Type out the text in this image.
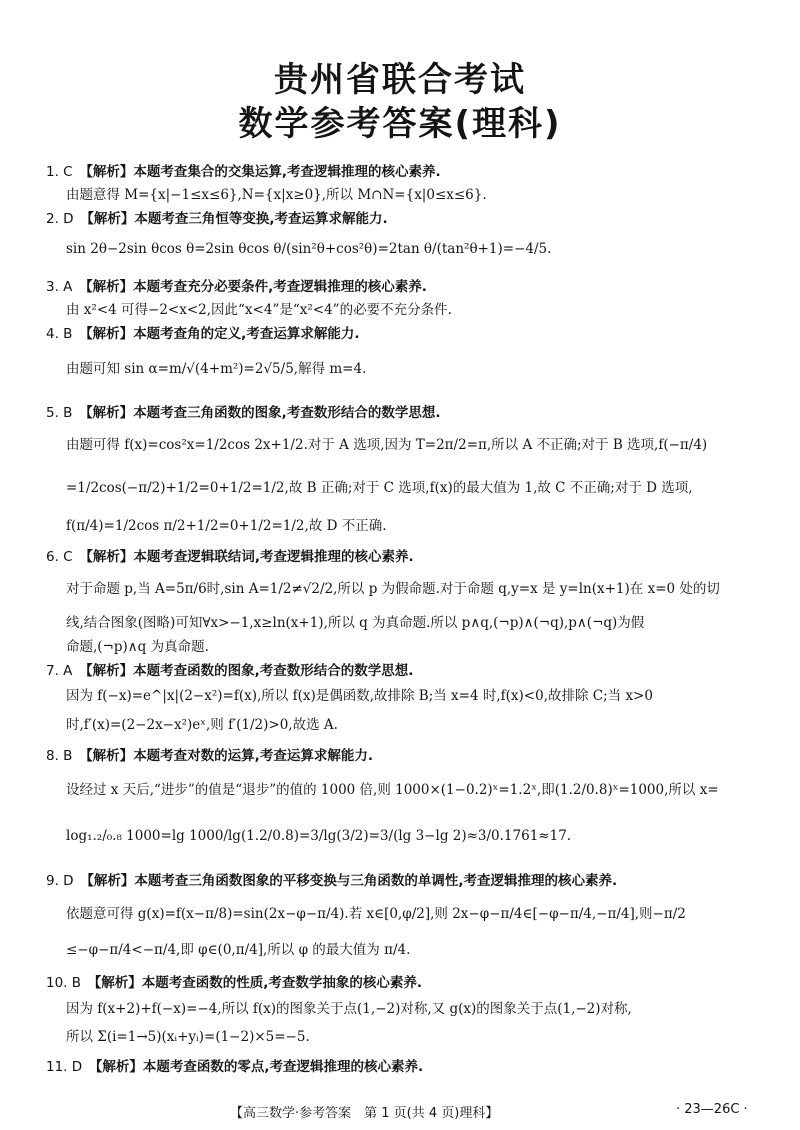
贵州省联合考试
数学参考答案(理科)
1. C　【解析】本题考查集合的交集运算,考查逻辑推理的核心素养.
由题意得 M={x|−1≤x≤6},N={x|x≥0},所以 M∩N={x|0≤x≤6}.
2. D　【解析】本题考查三角恒等变换,考查运算求解能力.
sin 2θ−2sin θcos θ=2sin θcos θ/(sin²θ+cos²θ)=2tan θ/(tan²θ+1)=−4/5.
3. A　【解析】本题考查充分必要条件,考查逻辑推理的核心素养.
由 x²<4 可得−2<x<2,因此“x<4”是“x²<4”的必要不充分条件.
4. B　【解析】本题考查角的定义,考查运算求解能力.
由题可知 sin α=m/√(4+m²)=2√5/5,解得 m=4.
5. B　【解析】本题考查三角函数的图象,考查数形结合的数学思想.
由题可得 f(x)=cos²x=1/2cos 2x+1/2.对于 A 选项,因为 T=2π/2=π,所以 A 不正确;对于 B 选项,f(−π/4)
=1/2cos(−π/2)+1/2=0+1/2=1/2,故 B 正确;对于 C 选项,f(x)的最大值为 1,故 C 不正确;对于 D 选项,
f(π/4)=1/2cos π/2+1/2=0+1/2=1/2,故 D 不正确.
6. C　【解析】本题考查逻辑联结词,考查逻辑推理的核心素养.
对于命题 p,当 A=5π/6时,sin A=1/2≠√2/2,所以 p 为假命题.对于命题 q,y=x 是 y=ln(x+1)在 x=0 处的切
线,结合图象(图略)可知∀x>−1,x≥ln(x+1),所以 q 为真命题.所以 p∧q,(¬p)∧(¬q),p∧(¬q)为假
命题,(¬p)∧q 为真命题.
7. A　【解析】本题考查函数的图象,考查数形结合的数学思想.
因为 f(−x)=e^|x|(2−x²)=f(x),所以 f(x)是偶函数,故排除 B;当 x=4 时,f(x)<0,故排除 C;当 x>0
时,f′(x)=(2−2x−x²)eˣ,则 f′(1/2)>0,故选 A.
8. B　【解析】本题考查对数的运算,考查运算求解能力.
设经过 x 天后,“进步”的值是“退步”的值的 1000 倍,则 1000×(1−0.2)ˣ=1.2ˣ,即(1.2/0.8)ˣ=1000,所以 x=
log₁.₂/₀.₈ 1000=lg 1000/lg(1.2/0.8)=3/lg(3/2)=3/(lg 3−lg 2)≈3/0.1761≈17.
9. D　【解析】本题考查三角函数图象的平移变换与三角函数的单调性,考查逻辑推理的核心素养.
依题意可得 g(x)=f(x−π/8)=sin(2x−φ−π/4).若 x∈[0,φ/2],则 2x−φ−π/4∈[−φ−π/4,−π/4],则−π/2
≤−φ−π/4<−π/4,即 φ∈(0,π/4],所以 φ 的最大值为 π/4.
10. B　【解析】本题考查函数的性质,考查数学抽象的核心素养.
因为 f(x+2)+f(−x)=−4,所以 f(x)的图象关于点(1,−2)对称,又 g(x)的图象关于点(1,−2)对称,
所以 Σ(i=1→5)(xᵢ+yᵢ)=(1−2)×5=−5.
11. D　【解析】本题考查函数的零点,考查逻辑推理的核心素养.
【高三数学·参考答案　第 1 页(共 4 页)理科】	· 23—26C ·
